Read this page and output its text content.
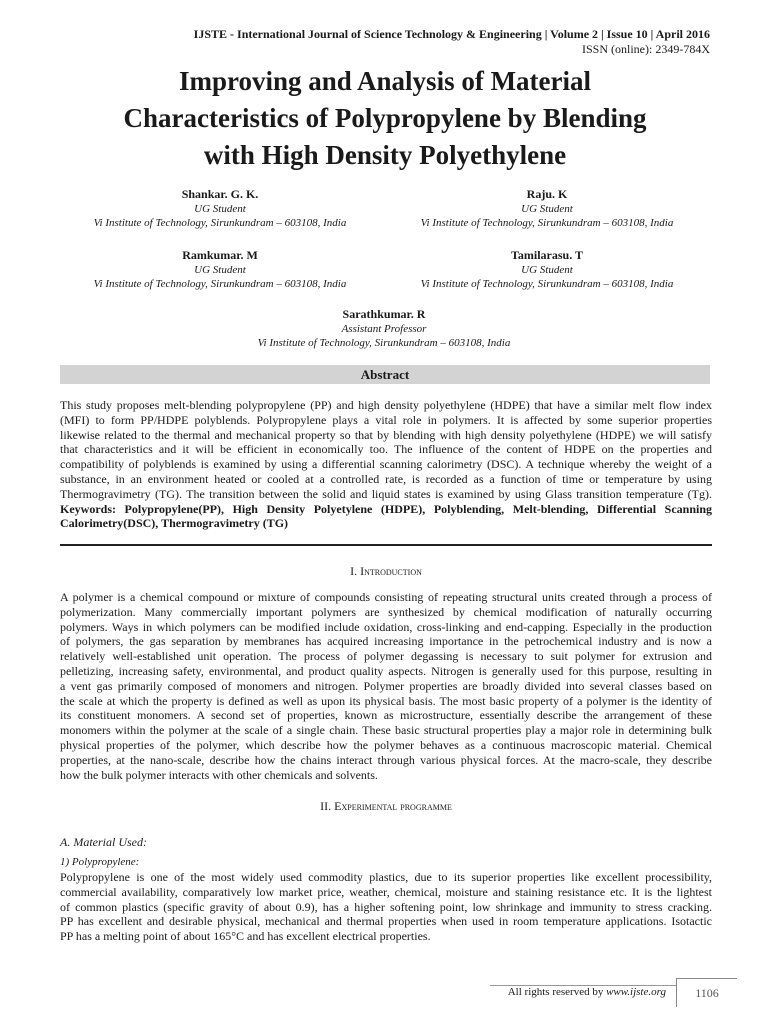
IJSTE - International Journal of Science Technology & Engineering | Volume 2 | Issue 10 | April 2016
ISSN (online): 2349-784X
Improving and Analysis of Material
Characteristics of Polypropylene by Blending
with High Density Polyethylene
Shankar. G. K.
UG Student
Vi Institute of Technology, Sirunkundram – 603108, India
Raju. K
UG Student
Vi Institute of Technology, Sirunkundram – 603108, India
Ramkumar. M
UG Student
Vi Institute of Technology, Sirunkundram – 603108, India
Tamilarasu. T
UG Student
Vi Institute of Technology, Sirunkundram – 603108, India
Sarathkumar. R
Assistant Professor
Vi Institute of Technology, Sirunkundram – 603108, India
Abstract
This study proposes melt-blending polypropylene (PP) and high density polyethylene (HDPE) that have a similar melt flow index
(MFI) to form PP/HDPE polyblends. Polypropylene plays a vital role in polymers. It is affected by some superior properties
likewise related to the thermal and mechanical property so that by blending with high density polyethylene (HDPE) we will satisfy
that characteristics and it will be efficient in economically too. The influence of the content of HDPE on the properties and
compatibility of polyblends is examined by using a differential scanning calorimetry (DSC). A technique whereby the weight of a
substance, in an environment heated or cooled at a controlled rate, is recorded as a function of time or temperature by using
Thermogravimetry (TG). The transition between the solid and liquid states is examined by using Glass transition temperature (Tg).
Keywords: Polypropylene(PP), High Density Polyetylene (HDPE), Polyblending, Melt-blending, Differential Scanning
Calorimetry(DSC), Thermogravimetry (TG)
I. Introduction
A polymer is a chemical compound or mixture of compounds consisting of repeating structural units created through a process of
polymerization. Many commercially important polymers are synthesized by chemical modification of naturally occurring
polymers. Ways in which polymers can be modified include oxidation, cross-linking and end-capping. Especially in the production
of polymers, the gas separation by membranes has acquired increasing importance in the petrochemical industry and is now a
relatively well-established unit operation. The process of polymer degassing is necessary to suit polymer for extrusion and
pelletizing, increasing safety, environmental, and product quality aspects. Nitrogen is generally used for this purpose, resulting in
a vent gas primarily composed of monomers and nitrogen. Polymer properties are broadly divided into several classes based on
the scale at which the property is defined as well as upon its physical basis. The most basic property of a polymer is the identity of
its constituent monomers. A second set of properties, known as microstructure, essentially describe the arrangement of these
monomers within the polymer at the scale of a single chain. These basic structural properties play a major role in determining bulk
physical properties of the polymer, which describe how the polymer behaves as a continuous macroscopic material. Chemical
properties, at the nano-scale, describe how the chains interact through various physical forces. At the macro-scale, they describe
how the bulk polymer interacts with other chemicals and solvents.
II. Experimental programme
A. Material Used:
1) Polypropylene:
Polypropylene is one of the most widely used commodity plastics, due to its superior properties like excellent processibility,
commercial availability, comparatively low market price, weather, chemical, moisture and staining resistance etc. It is the lightest
of common plastics (specific gravity of about 0.9), has a higher softening point, low shrinkage and immunity to stress cracking.
PP has excellent and desirable physical, mechanical and thermal properties when used in room temperature applications. Isotactic
PP has a melting point of about 165°C and has excellent electrical properties.
All rights reserved by www.ijste.org	1106
